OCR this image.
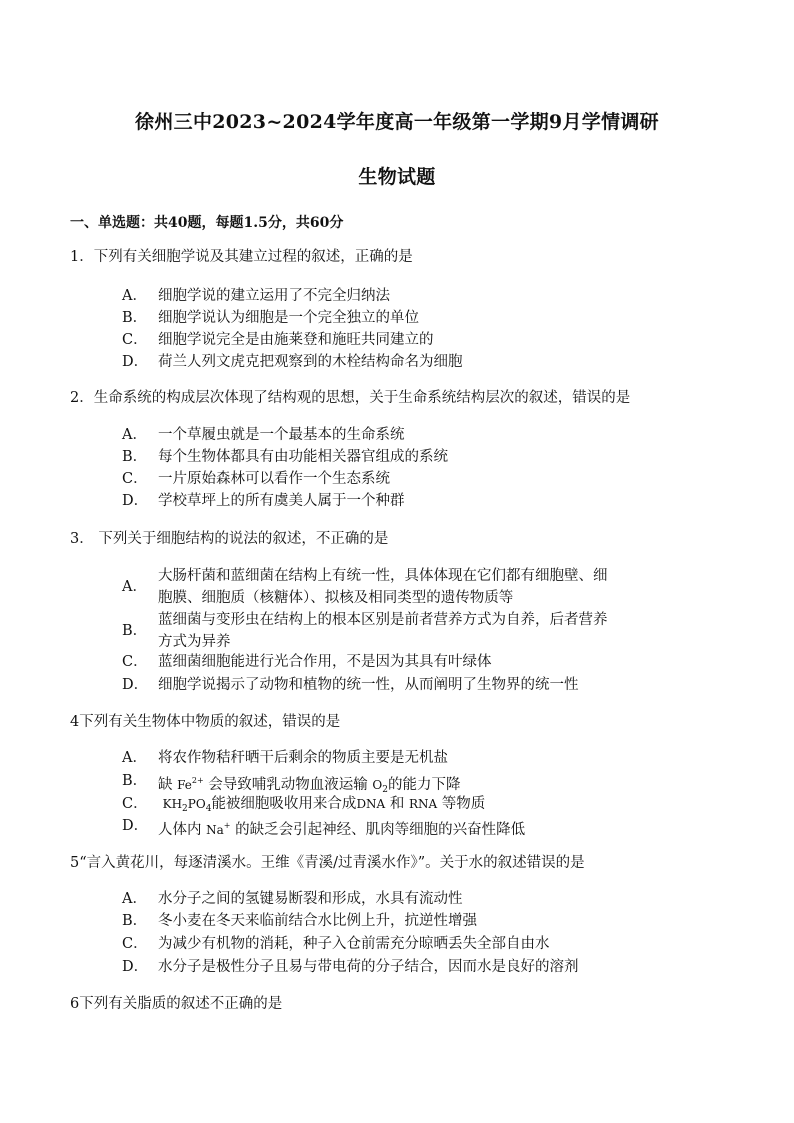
徐州三中2023~2024学年度高一年级第一学期9月学情调研
生物试题
一、单选题：共40题，每题1.5分，共60分
1．下列有关细胞学说及其建立过程的叙述，正确的是
A． 细胞学说的建立运用了不完全归纳法
B． 细胞学说认为细胞是一个完全独立的单位
C． 细胞学说完全是由施莱登和施旺共同建立的
D． 荷兰人列文虎克把观察到的木栓结构命名为细胞
2．生命系统的构成层次体现了结构观的思想，关于生命系统结构层次的叙述，错误的是
A． 一个草履虫就是一个最基本的生命系统
B． 每个生物体都具有由功能相关器官组成的系统
C． 一片原始森林可以看作一个生态系统
D． 学校草坪上的所有虞美人属于一个种群
3． 下列关于细胞结构的说法的叙述，不正确的是
A．
大肠杆菌和蓝细菌在结构上有统一性，具体体现在它们都有细胞壁、细
胞膜、细胞质（核糖体）、拟核及相同类型的遗传物质等
B．
蓝细菌与变形虫在结构上的根本区别是前者营养方式为自养，后者营养
方式为异养
C． 蓝细菌细胞能进行光合作用，不是因为其具有叶绿体
D． 细胞学说揭示了动物和植物的统一性，从而阐明了生物界的统一性
4下列有关生物体中物质的叙述，错误的是
A． 将农作物秸秆晒干后剩余的物质主要是无机盐
B． 缺 $Fe^{2+}$ 会导致哺乳动物血液运输 $O_2$的能力下降
C．	$KH_2PO_4$能被细胞吸收用来合成DNA 和 RNA 等物质
D． 人体内 Na+ 的缺乏会引起神经、肌肉等细胞的兴奋性降低
5“言入黄花川，每逐清溪水。王维《青溪/过青溪水作》”。关于水的叙述错误的是
A． 水分子之间的氢键易断裂和形成，水具有流动性
B． 冬小麦在冬天来临前结合水比例上升，抗逆性增强
C． 为减少有机物的消耗，种子入仓前需充分晾晒丢失全部自由水
D． 水分子是极性分子且易与带电荷的分子结合，因而水是良好的溶剂
6下列有关脂质的叙述不正确的是
